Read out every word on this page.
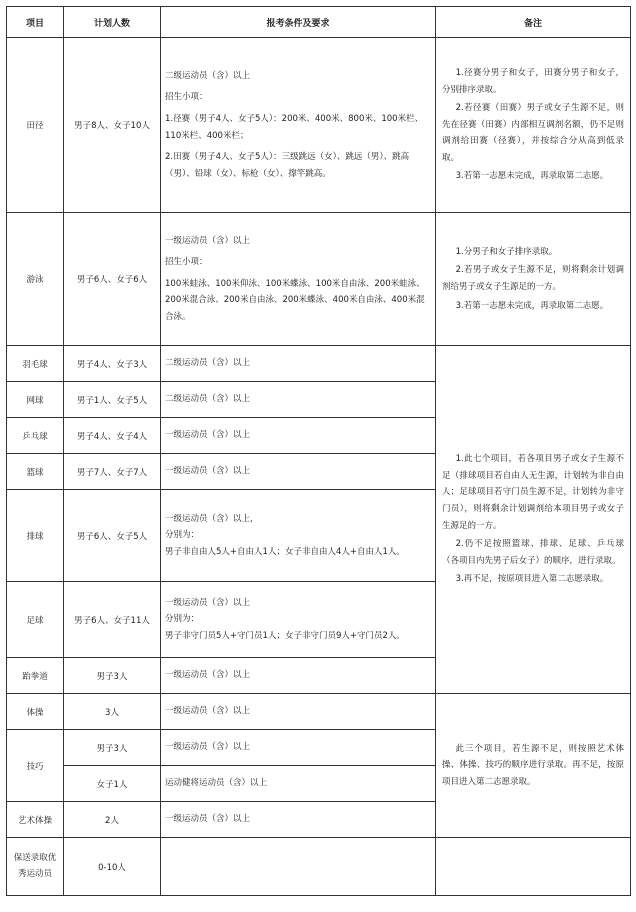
项目	计划人数	报考条件及要求	备注
田径	男子8人、女子10人	二级运动员（含）以上
招生小项：
1.径赛（男子4人、女子5人）：200米、400米、800米、100米栏、110米栏、400米栏；
2.田赛（男子4人、女子5人）：三级跳远（女）、跳远（男）、跳高（男）、铅球（女）、标枪（女）、撑竿跳高。	1.径赛分男子和女子，田赛分男子和女子，分别排序录取。
2.若径赛（田赛）男子或女子生源不足，则先在径赛（田赛）内部相互调剂名额，仍不足则调剂给田赛（径赛），并按综合分从高到低录取。
3.若第一志愿未完成，再录取第二志愿。

游泳	男子6人、女子6人	一级运动员（含）以上
招生小项：
100米蛙泳、100米仰泳、100米蝶泳、100米自由泳、200米蛙泳、200米混合泳、200米自由泳、200米蝶泳、400米自由泳、400米混合泳。	1.分男子和女子排序录取。
2.若男子或女子生源不足，则将剩余计划调剂给男子或女子生源足的一方。
3.若第一志愿未完成，再录取第二志愿。

羽毛球	男子4人、女子3人	二级运动员（含）以上	1.此七个项目，若各项目男子或女子生源不足（排球项目若自由人无生源，计划转为非自由人；足球项目若守门员生源不足，计划转为非守门员），则将剩余计划调剂给本项目男子或女子生源足的一方。
2.仍不足按照篮球、排球、足球、乒乓球（各项目内先男子后女子）的顺序，进行录取。
3.再不足，按原项目进入第二志愿录取。

网球	男子1人、女子5人	二级运动员（含）以上	
乒乓球	男子4人、女子4人	一级运动员（含）以上	
篮球	男子7人、女子7人	一级运动员（含）以上	
排球	男子6人、女子5人	一级运动员（含）以上，
分别为：
男子非自由人5人+自由人1人；女子非自由人4人+自由人1人。	

足球	男子6人、女子11人	一级运动员（含）以上
分别为：
男子非守门员5人+守门员1人；女子非守门员9人+守门员2人。	

跆拳道	男子3人	一级运动员（含）以上	
体操	3人	一级运动员（含）以上	此三个项目，若生源不足，则按照艺术体操、体操、技巧的顺序进行录取。再不足，按原项目进入第二志愿录取。

技巧	男子3人	一级运动员（含）以上	
	女子1人	运动健将运动员（含）以上	
艺术体操	2人	一级运动员（含）以上	
保送录取优秀运动员	0-10人		
